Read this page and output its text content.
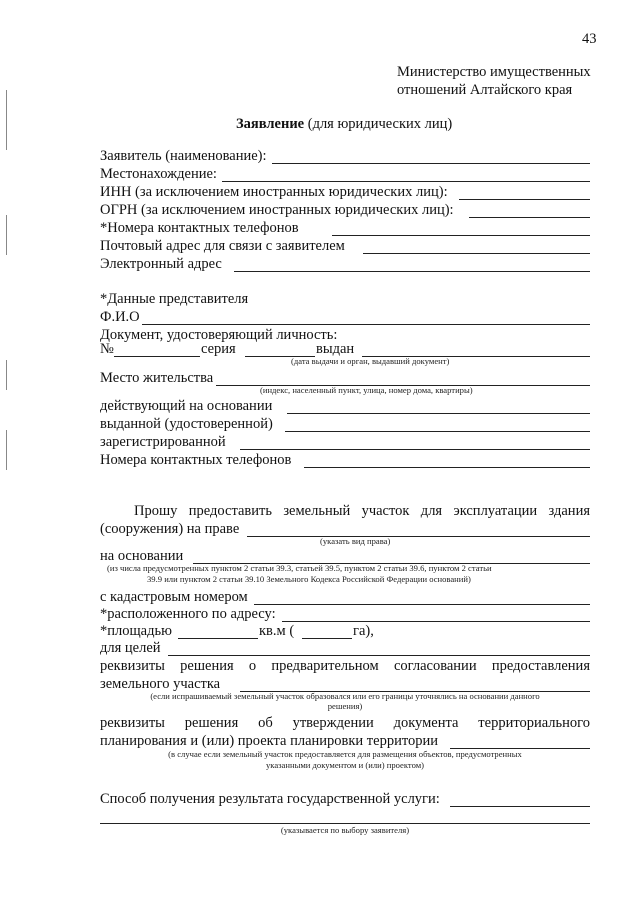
43
Министерство имущественных
отношений Алтайского края
Заявление (для юридических лиц)
Заявитель (наименование):
Местонахождение:
ИНН (за исключением иностранных юридических лиц):
ОГРН (за исключением иностранных юридических лиц):
*Номера контактных телефонов
Почтовый адрес для связи с заявителем
Электронный адрес
*Данные представителя
Ф.И.О
Документ, удостоверяющий личность:
№	серия	выдан
(дата выдачи и орган, выдавший документ)
Место жительства
(индекс, населенный пункт, улица, номер дома, квартиры)
действующий на основании
выданной (удостоверенной)
зарегистрированной
Номера контактных телефонов
Прошу предоставить земельный участок для эксплуатации здания
(сооружения) на праве
(указать вид права)
на основании
(из числа предусмотренных пунктом 2 статьи 39.3, статьей 39.5, пунктом 2 статьи 39.6, пунктом 2 статьи
39.9 или пунктом 2 статьи 39.10 Земельного Кодекса Российской Федерации оснований)
с кадастровым номером
*расположенного по адресу:
*площадью	кв.м (	га),
для целей
реквизиты решения о предварительном согласовании предоставления
земельного участка
(если испрашиваемый земельный участок образовался или его границы уточнялись на основании данного
решения)
реквизиты решения об утверждении документа территориального
планирования и (или) проекта планировки территории
(в случае если земельный участок предоставляется для размещения объектов, предусмотренных
указанными документом и (или) проектом)
Способ получения результата государственной услуги:
(указывается по выбору заявителя)
